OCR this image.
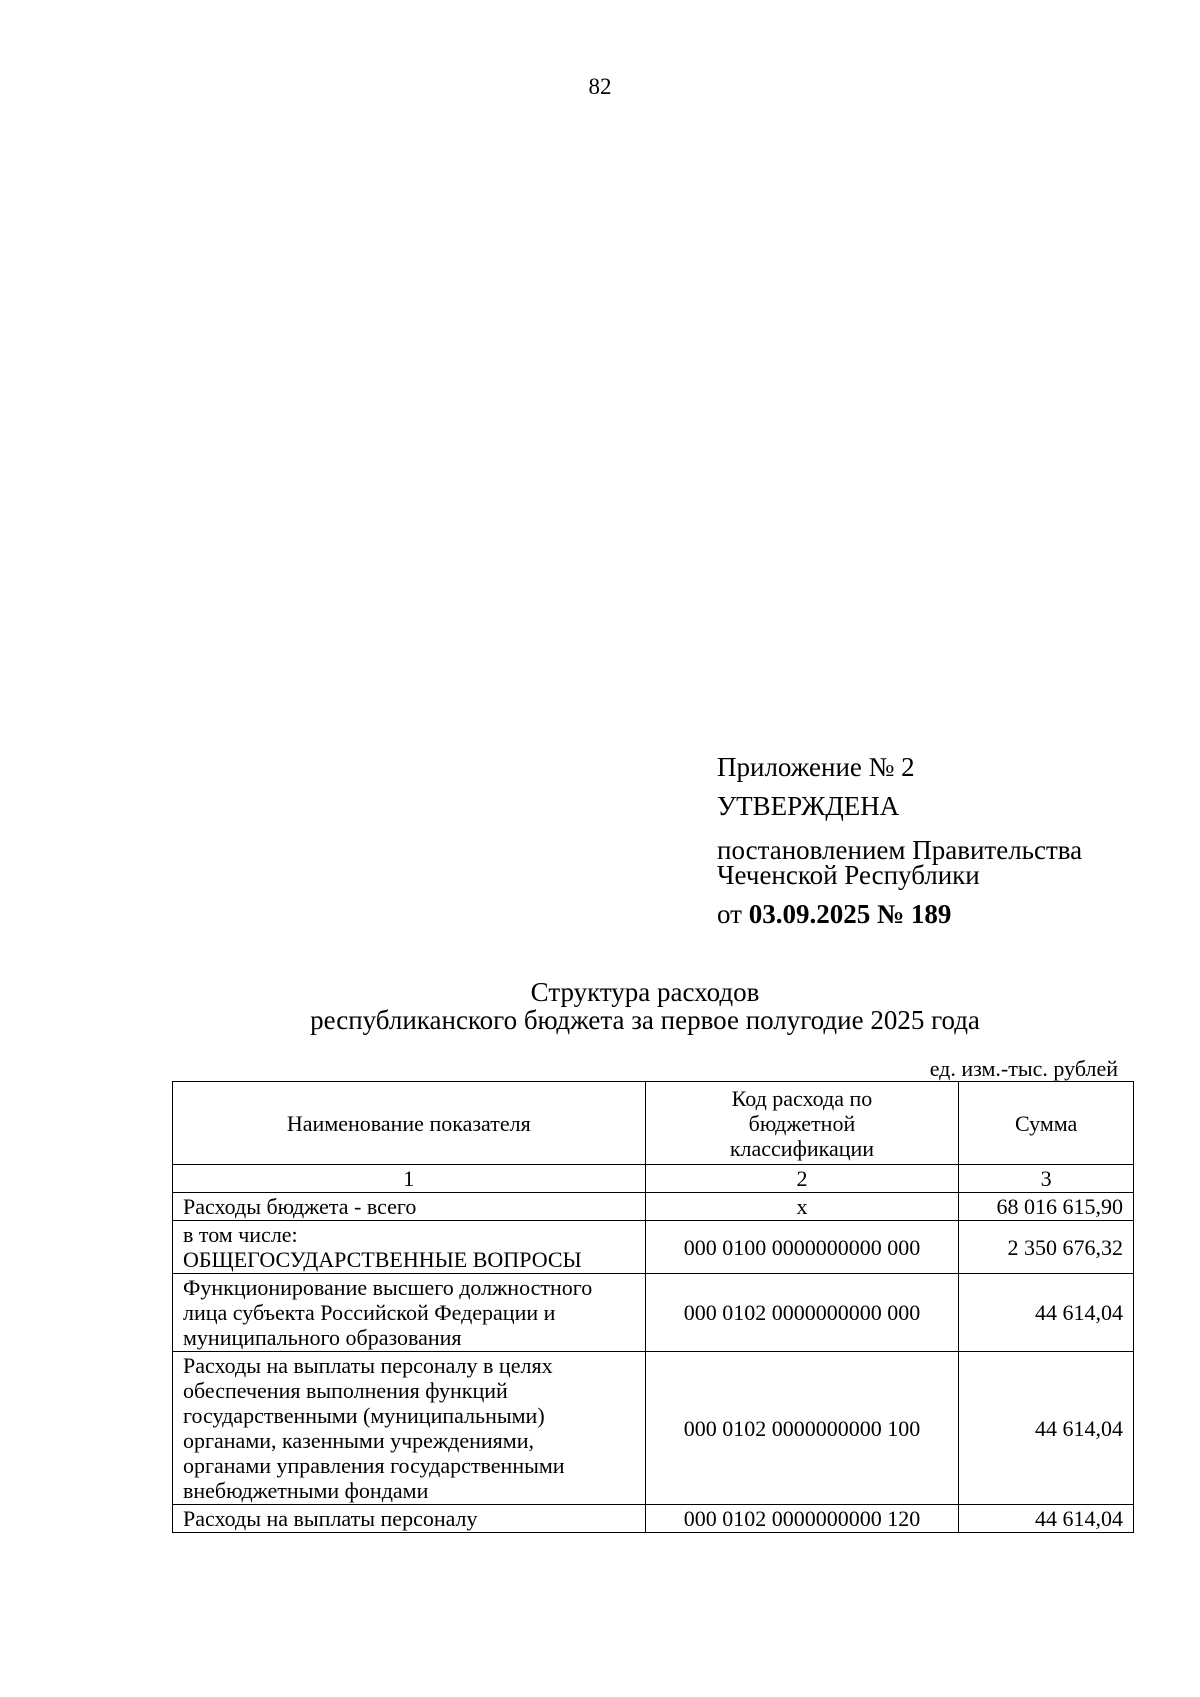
82
Приложение № 2
УТВЕРЖДЕНА
постановлением Правительства
Чеченской Республики
от 03.09.2025 № 189
Структура расходов
республиканского бюджета за первое полугодие 2025 года
ед. изм.-тыс. рублей
Наименование показателя	Код расхода по бюджетной классификации	Сумма
1	2	3
Расходы бюджета - всего	x	68 016 615,90

в том числе:
ОБЩЕГОСУДАРСТВЕННЫЕ ВОПРОСЫ	000 0100 0000000000 000	2 350 676,32
Функционирование высшего должностного лица субъекта Российской Федерации и муниципального образования	000 0102 0000000000 000	44 614,04
Расходы на выплаты персоналу в целях обеспечения выполнения функций государственными (муниципальными) органами, казенными учреждениями, органами управления государственными внебюджетными фондами	000 0102 0000000000 100	44 614,04
Расходы на выплаты персоналу	000 0102 0000000000 120	44 614,04
